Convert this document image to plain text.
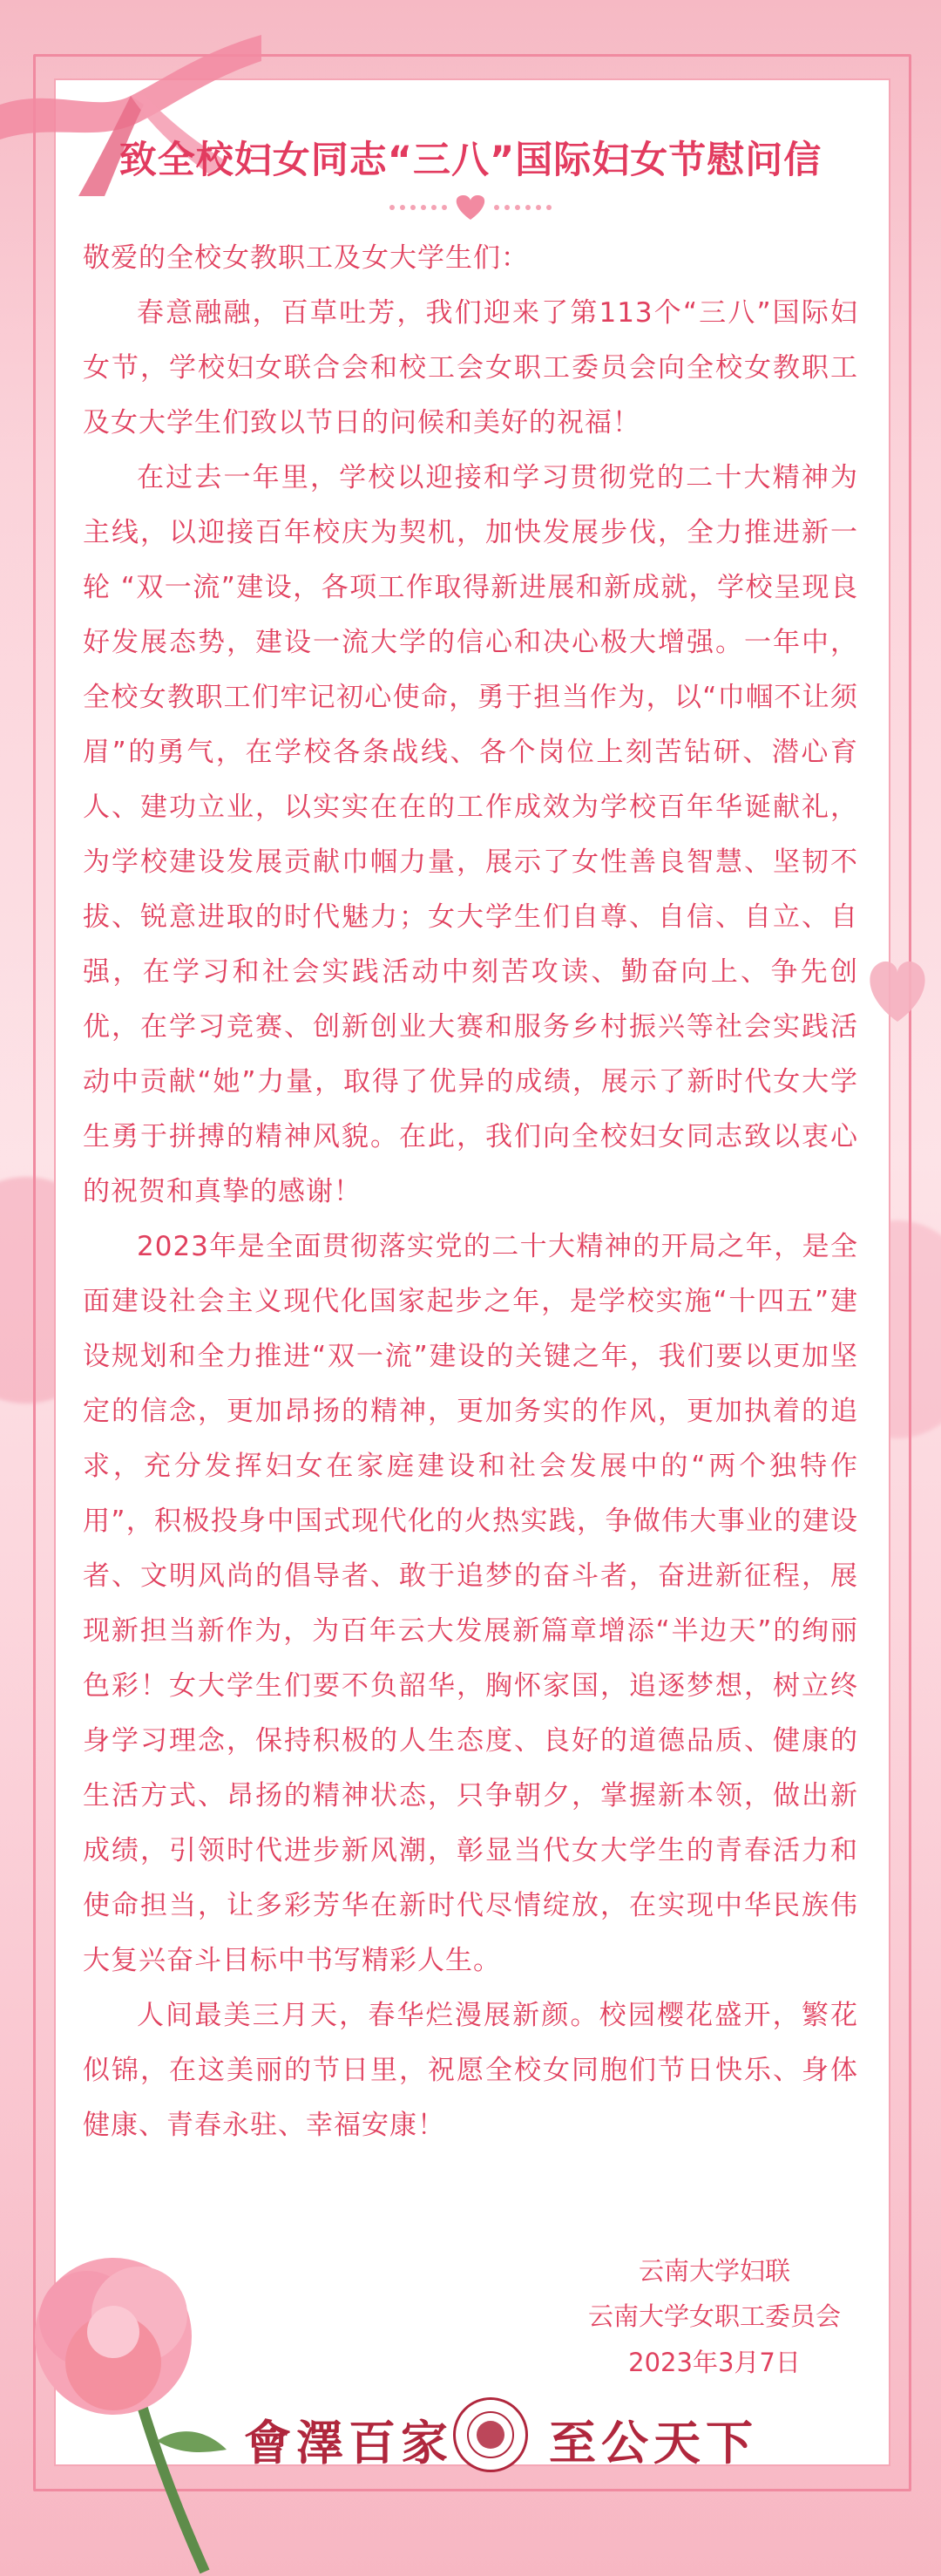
致全校妇女同志“三八”国际妇女节慰问信

敬爱的全校女教职工及女大学生们：

春意融融，百草吐芳，我们迎来了第113个“三八”国际妇女节，学校妇女联合会和校工会女职工委员会向全校女教职工及女大学生们致以节日的问候和美好的祝福！

在过去一年里，学校以迎接和学习贯彻党的二十大精神为主线，以迎接百年校庆为契机，加快发展步伐，全力推进新一轮 “双一流”建设，各项工作取得新进展和新成就，学校呈现良好发展态势，建设一流大学的信心和决心极大增强。一年中，全校女教职工们牢记初心使命，勇于担当作为，以“巾帼不让须眉”的勇气，在学校各条战线、各个岗位上刻苦钻研、潜心育人、建功立业，以实实在在的工作成效为学校百年华诞献礼，为学校建设发展贡献巾帼力量，展示了女性善良智慧、坚韧不拔、锐意进取的时代魅力；女大学生们自尊、自信、自立、自强，在学习和社会实践活动中刻苦攻读、勤奋向上、争先创优，在学习竞赛、创新创业大赛和服务乡村振兴等社会实践活动中贡献“她”力量，取得了优异的成绩，展示了新时代女大学生勇于拼搏的精神风貌。在此，我们向全校妇女同志致以衷心的祝贺和真挚的感谢！

2023年是全面贯彻落实党的二十大精神的开局之年，是全面建设社会主义现代化国家起步之年，是学校实施“十四五”建设规划和全力推进“双一流”建设的关键之年，我们要以更加坚定的信念，更加昂扬的精神，更加务实的作风，更加执着的追求，充分发挥妇女在家庭建设和社会发展中的“两个独特作用”，积极投身中国式现代化的火热实践，争做伟大事业的建设者、文明风尚的倡导者、敢于追梦的奋斗者，奋进新征程，展现新担当新作为，为百年云大发展新篇章增添“半边天”的绚丽色彩！女大学生们要不负韶华，胸怀家国，追逐梦想，树立终身学习理念，保持积极的人生态度、良好的道德品质、健康的生活方式、昂扬的精神状态，只争朝夕，掌握新本领，做出新成绩，引领时代进步新风潮，彰显当代女大学生的青春活力和使命担当，让多彩芳华在新时代尽情绽放，在实现中华民族伟大复兴奋斗目标中书写精彩人生。

人间最美三月天，春华烂漫展新颜。校园樱花盛开，繁花似锦，在这美丽的节日里，祝愿全校女同胞们节日快乐、身体健康、青春永驻、幸福安康！

云南大学妇联
云南大学女职工委员会
2023年3月7日
會澤百家 至公天下
